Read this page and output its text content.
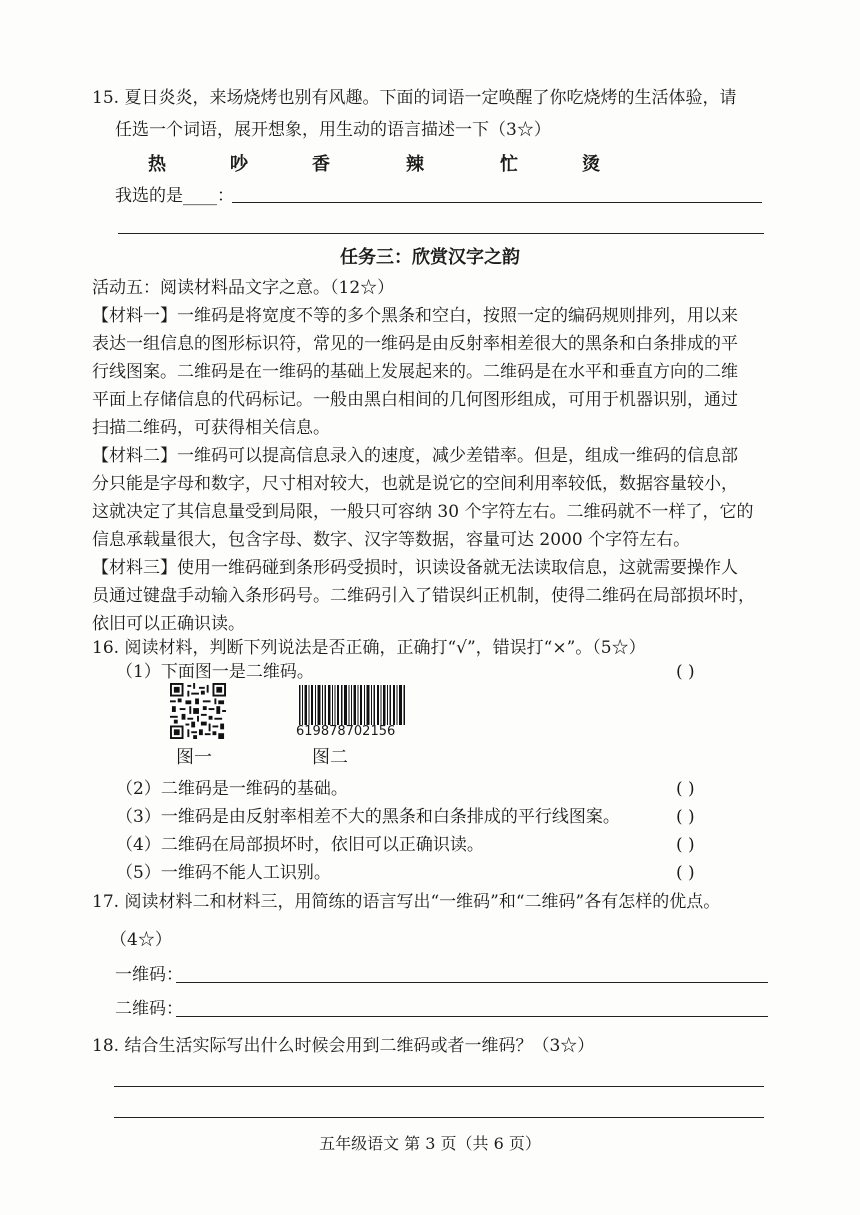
15. 夏日炎炎，来场烧烤也别有风趣。下面的词语一定唤醒了你吃烧烤的生活体验，请
任选一个词语，展开想象，用生动的语言描述一下（3☆）
热	吵	香	辣	忙	烫
我选的是____：
任务三：欣赏汉字之韵
活动五：阅读材料品文字之意。（12☆）
【材料一】一维码是将宽度不等的多个黑条和空白，按照一定的编码规则排列，用以来
表达一组信息的图形标识符，常见的一维码是由反射率相差很大的黑条和白条排成的平
行线图案。二维码是在一维码的基础上发展起来的。二维码是在水平和垂直方向的二维
平面上存储信息的代码标记。一般由黑白相间的几何图形组成，可用于机器识别，通过
扫描二维码，可获得相关信息。
【材料二】一维码可以提高信息录入的速度，减少差错率。但是，组成一维码的信息部
分只能是字母和数字，尺寸相对较大，也就是说它的空间利用率较低，数据容量较小，
这就决定了其信息量受到局限，一般只可容纳 30 个字符左右。二维码就不一样了，它的
信息承载量很大，包含字母、数字、汉字等数据，容量可达 2000 个字符左右。
【材料三】使用一维码碰到条形码受损时，识读设备就无法读取信息，这就需要操作人
员通过键盘手动输入条形码号。二维码引入了错误纠正机制，使得二维码在局部损坏时，
依旧可以正确识读。
16. 阅读材料，判断下列说法是否正确，正确打“√”，错误打“×”。（5☆）
（1）下面图一是二维码。	( )
619878702156
图一	图二
（2）二维码是一维码的基础。	( )
（3）一维码是由反射率相差不大的黑条和白条排成的平行线图案。	( )
（4）二维码在局部损坏时，依旧可以正确识读。	( )
（5）一维码不能人工识别。	( )
17. 阅读材料二和材料三，用简练的语言写出“一维码”和“二维码”各有怎样的优点。
（4☆）
一维码：
二维码：
18. 结合生活实际写出什么时候会用到二维码或者一维码？（3☆）
五年级语文 第 3 页（共 6 页）
